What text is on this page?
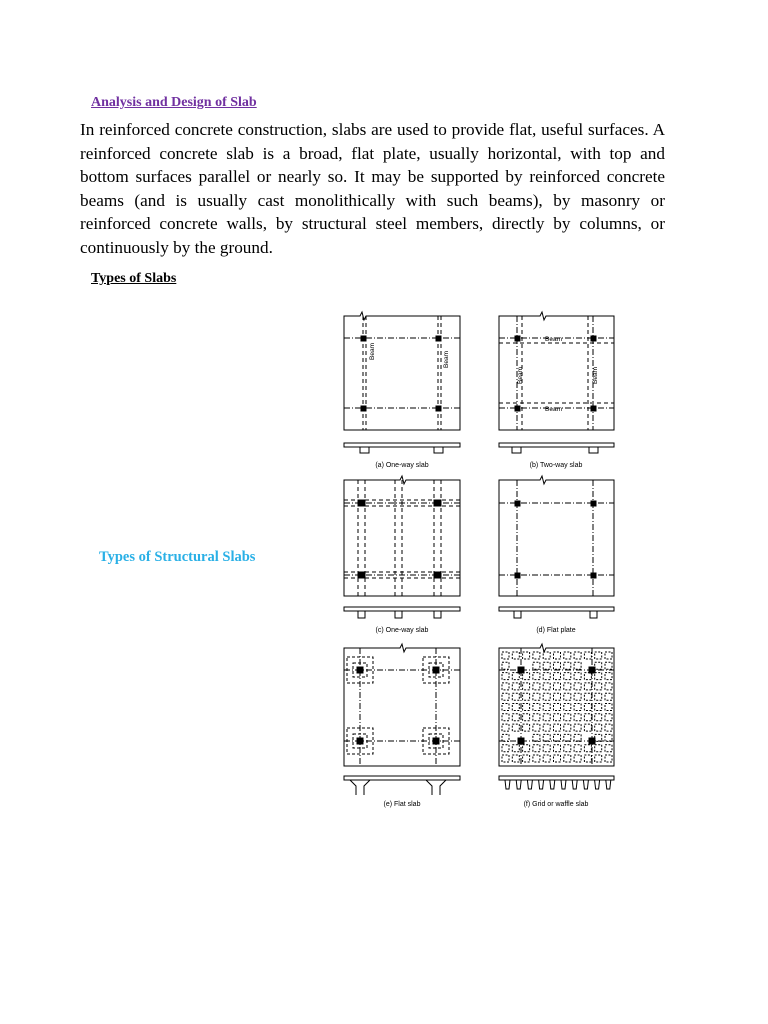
Analysis and Design of Slab
In reinforced concrete construction, slabs are used to provide flat, useful surfaces. A reinforced concrete slab is a broad, flat plate, usually horizontal, with top and bottom surfaces parallel or nearly so. It may be supported by reinforced concrete beams (and is usually cast monolithically with such beams), by masonry or reinforced concrete walls, by structural steel members, directly by columns, or continuously by the ground.
Types of Slabs
Types of Structural Slabs
Beam	Beam
Beam
Beam
Beam	Beam
(a) One-way slab	(b) Two-way slab
(c) One-way slab	(d) Flat plate
(e) Flat slab	(f) Grid or waffle slab
